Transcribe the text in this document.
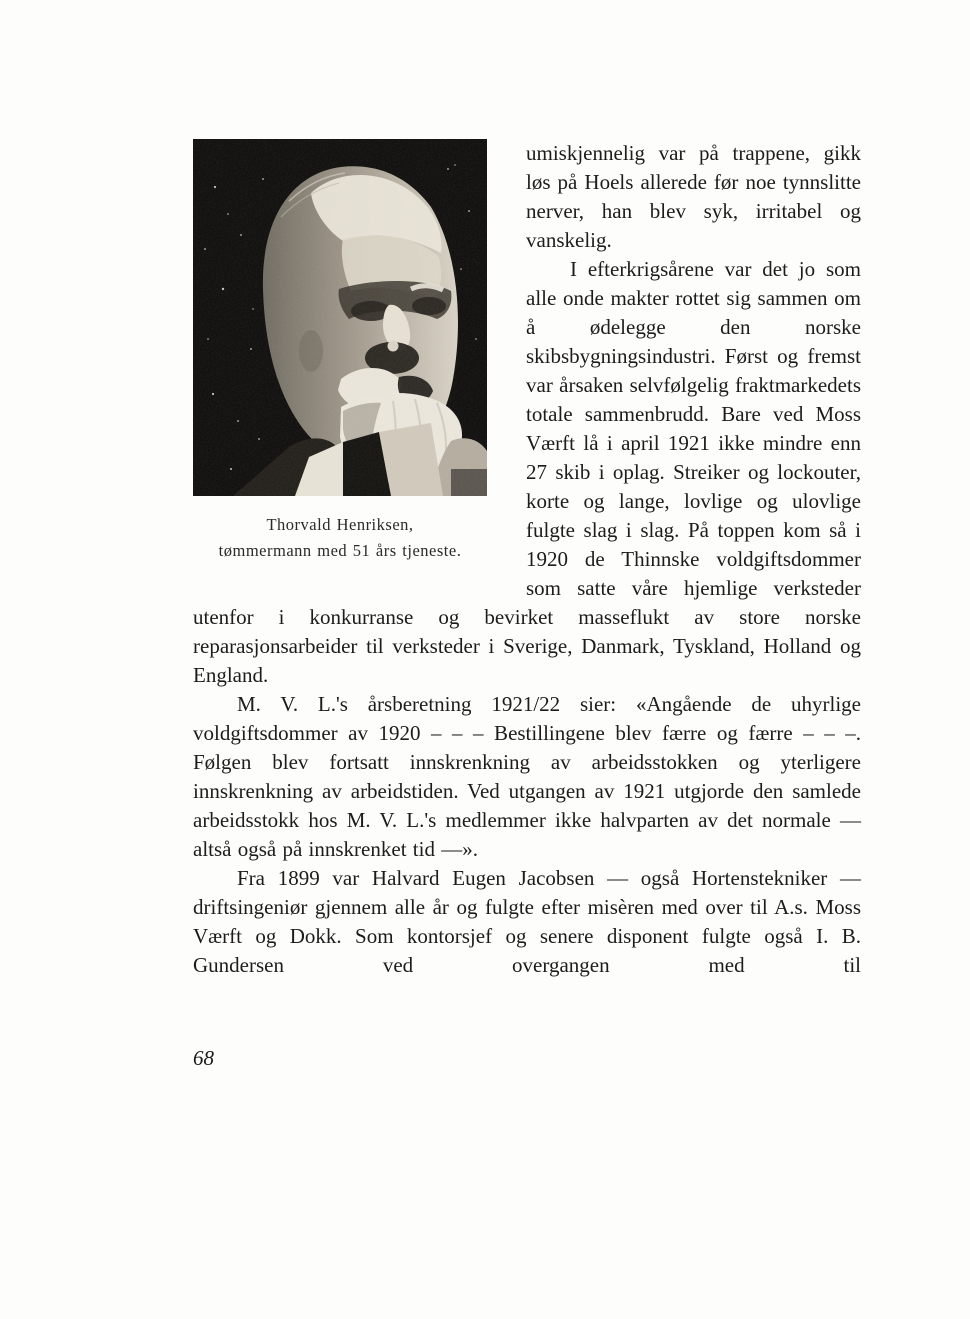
Thorvald Henriksen,
tømmermann med 51 års tjeneste.

umiskjennelig var på trappene, gikk løs på Hoels allerede før noe tynnslitte nerver, han blev syk, irritabel og vanskelig.

I efterkrigsårene var det jo som alle onde makter rottet sig sammen om å ødelegge den norske skibsbygningsindustri. Først og fremst var årsaken selvfølgelig fraktmarkedets totale sammenbrudd. Bare ved Moss Værft lå i april 1921 ikke mindre enn 27 skib i oplag. Streiker og lockouter, korte og lange, lovlige og ulovlige fulgte slag i slag. På toppen kom så i 1920 de Thinnske voldgiftsdommer som satte våre hjemlige verksteder utenfor i konkurranse og bevirket masseflukt av store norske reparasjonsarbeider til verksteder i Sverige, Danmark, Tyskland, Holland og England.

M. V. L.'s årsberetning 1921/22 sier: «Angående de uhyrlige voldgiftsdommer av 1920 – – – Bestillingene blev færre og færre – – –. Følgen blev fortsatt innskrenkning av arbeidsstokken og yterligere innskrenkning av arbeidstiden. Ved utgangen av 1921 utgjorde den samlede arbeidsstokk hos M. V. L.'s medlemmer ikke halvparten av det normale — altså også på innskrenket tid —».

Fra 1899 var Halvard Eugen Jacobsen — også Hortenstekniker — driftsingeniør gjennem alle år og fulgte efter misèren med over til A.s. Moss Værft og Dokk. Som kontorsjef og senere disponent fulgte også I. B. Gundersen ved overgangen med til

68
